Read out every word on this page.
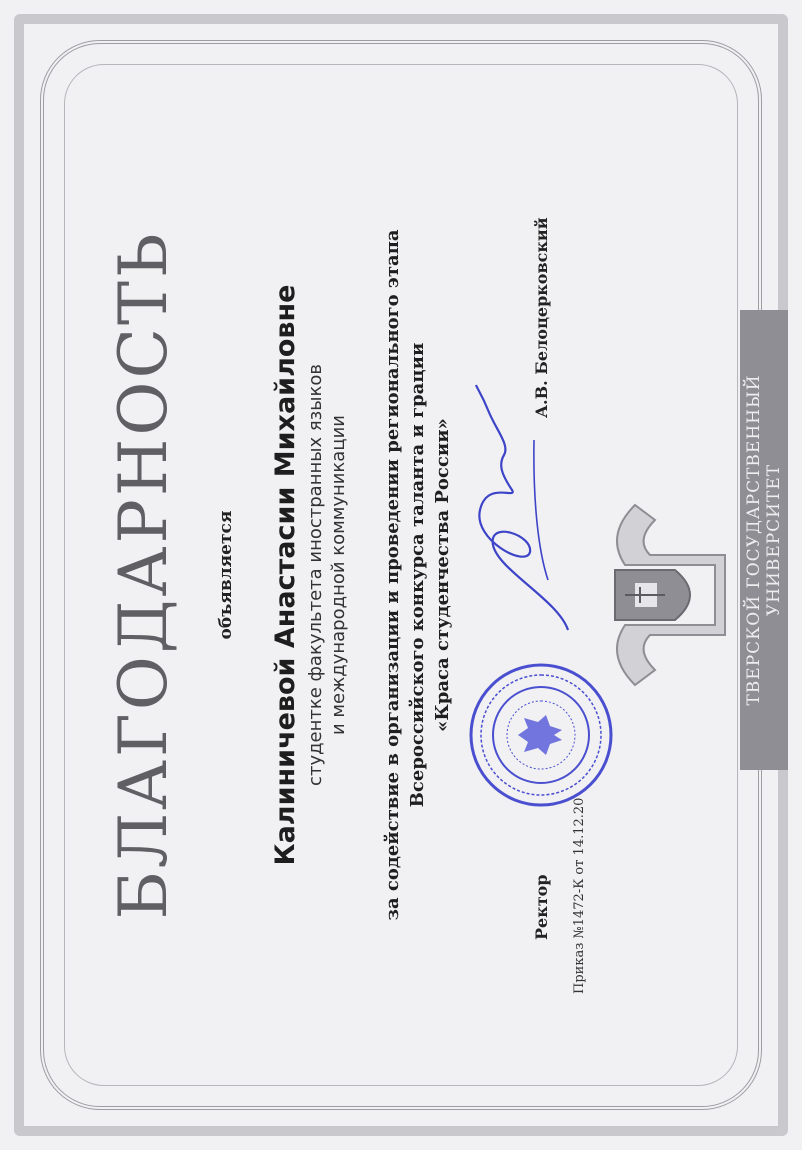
БЛАГОДАРНОСТЬ объявляется Калиничевой Анастасии Михайловне студентке факультета иностранных языков и международной коммуникации за содействие в организации и проведении регионального этапа Всероссийского конкурса таланта и грации «Краса студенчества России»
Ректор
А.В. Белоцерковский
Приказ №1472-К от 14.12.20
ТВЕРСКОЙ ГОСУДАРСТВЕННЫЙ УНИВЕРСИТЕТ
